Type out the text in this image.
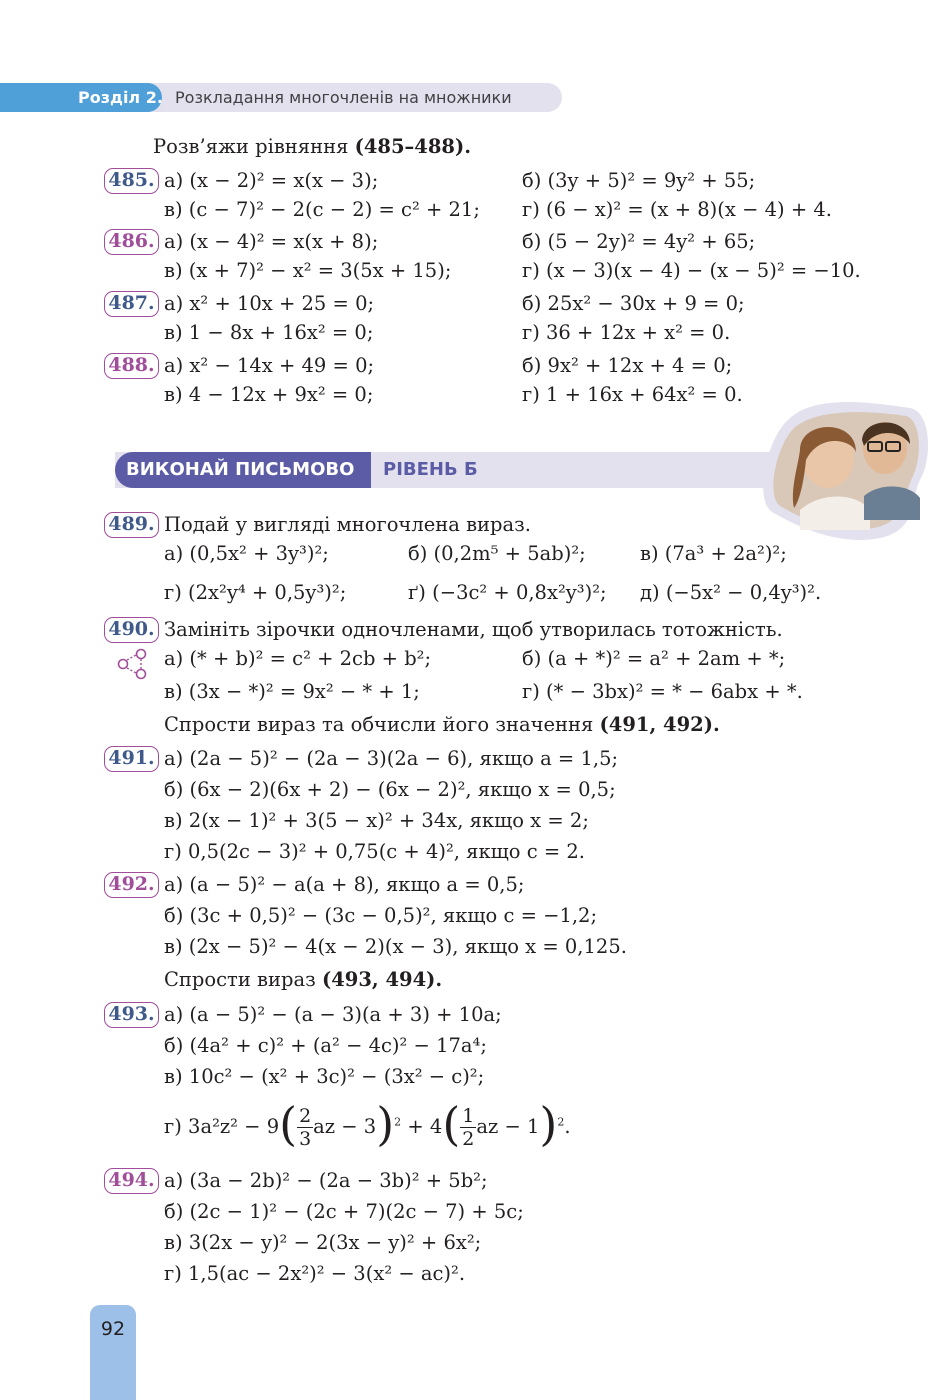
Розділ 2. Розкладання многочленів на множники
Розв’яжи рівняння (485–488).
485. а) (x − 2)² = x(x − 3);	б) (3y + 5)² = 9y² + 55;
в) (c − 7)² − 2(c − 2) = c² + 21; г) (6 − x)² = (x + 8)(x − 4) + 4.
486. а) (x − 4)² = x(x + 8);	б) (5 − 2y)² = 4y² + 65;
в) (x + 7)² − x² = 3(5x + 15);	г) (x − 3)(x − 4) − (x − 5)² = −10.
487. а) x² + 10x + 25 = 0;	б) 25x² − 30x + 9 = 0;
в) 1 − 8x + 16x² = 0;	г) 36 + 12x + x² = 0.
488. а) x² − 14x + 49 = 0;	б) 9x² + 12x + 4 = 0;
в) 4 − 12x + 9x² = 0;	г) 1 + 16x + 64x² = 0.
ВИКОНАЙ ПИСЬМОВО РІВЕНЬ Б
489. Подай у вигляді многочлена вираз.
а) (0,5x² + 3y³)²;	б) (0,2m⁵ + 5ab)²;	в) (7a³ + 2a²)²;
г) (2x²y⁴ + 0,5y³)²;	ґ) (−3c² + 0,8x²y³)²; д) (−5x² − 0,4y³)².
490. Замініть зірочки одночленами, щоб утворилась тотожність.
а) (* + b)² = c² + 2cb + b²;	б) (a + *)² = a² + 2am + *;
в) (3x − *)² = 9x² − * + 1;	г) (* − 3bx)² = * − 6abx + *.
Спрости вираз та обчисли його значення (491, 492).
491. а) (2a − 5)² − (2a − 3)(2a − 6), якщо a = 1,5;
б) (6x − 2)(6x + 2) − (6x − 2)², якщо x = 0,5;
в) 2(x − 1)² + 3(5 − x)² + 34x, якщо x = 2;
г) 0,5(2c − 3)² + 0,75(c + 4)², якщо c = 2.
492. а) (a − 5)² − a(a + 8), якщо a = 0,5;
б) (3c + 0,5)² − (3c − 0,5)², якщо c = −1,2;
в) (2x − 5)² − 4(x − 2)(x − 3), якщо x = 0,125.
Спрости вираз (493, 494).
493. а) (a − 5)² − (a − 3)(a + 3) + 10a;
б) (4a² + c)² + (a² − 4c)² − 17a⁴;
в) 10c² − (x² + 3c)² − (3x² − c)²;
г) $3a^2z^2 - 9( \frac{2}{3}$ az − $3)^2 + 4( \frac{1}{2}$ az − 1)$^2$.
494. а) (3a − 2b)² − (2a − 3b)² + 5b²;
б) (2c − 1)² − (2c + 7)(2c − 7) + 5c;
в) 3(2x − y)² − 2(3x − y)² + 6x²;
г) 1,5(ac − 2x²)² − 3(x² − ac)².
92
